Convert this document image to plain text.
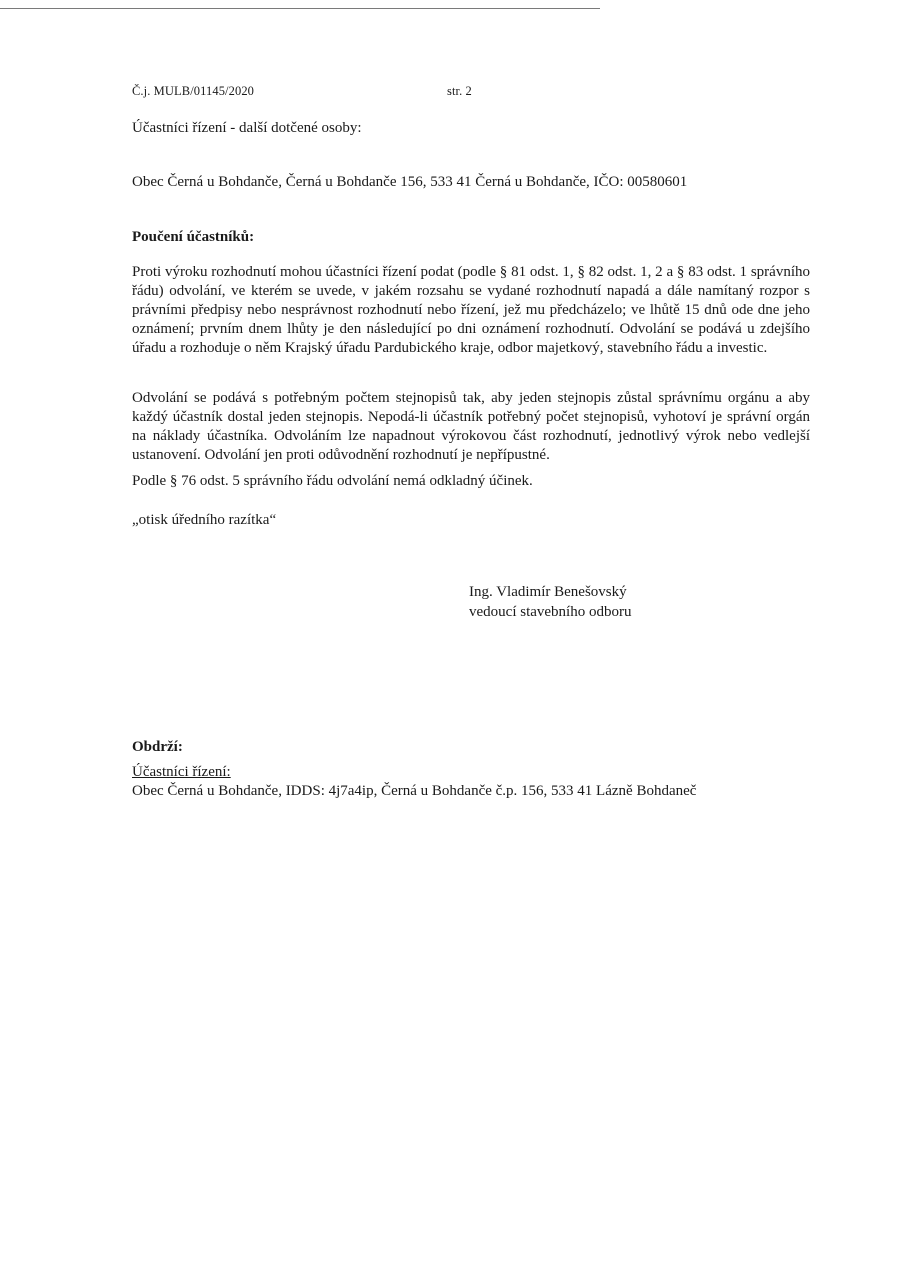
Č.j. MULB/01145/2020	str. 2
Účastníci řízení - další dotčené osoby:
Obec Černá u Bohdanče, Černá u Bohdanče 156, 533 41 Černá u Bohdanče, IČO: 00580601
Poučení účastníků:
Proti výroku rozhodnutí mohou účastníci řízení podat (podle § 81 odst. 1, § 82 odst. 1, 2 a § 83 odst. 1 správního řádu) odvolání, ve kterém se uvede, v jakém rozsahu se vydané rozhodnutí napadá a dále namítaný rozpor s právními předpisy nebo nesprávnost rozhodnutí nebo řízení, jež mu předcházelo; ve lhůtě 15 dnů ode dne jeho oznámení; prvním dnem lhůty je den následující po dni oznámení rozhodnutí. Odvolání se podává u zdejšího úřadu a rozhoduje o něm Krajský úřadu Pardubického kraje, odbor majetkový, stavebního řádu a investic.
Odvolání se podává s potřebným počtem stejnopisů tak, aby jeden stejnopis zůstal správnímu orgánu a aby každý účastník dostal jeden stejnopis. Nepodá-li účastník potřebný počet stejnopisů, vyhotoví je správní orgán na náklady účastníka. Odvoláním lze napadnout výrokovou část rozhodnutí, jednotlivý výrok nebo vedlejší ustanovení. Odvolání jen proti odůvodnění rozhodnutí je nepřípustné.
Podle § 76 odst. 5 správního řádu odvolání nemá odkladný účinek.
„otisk úředního razítka“
Ing. Vladimír Benešovský
vedoucí stavebního odboru
Obdrží:
Účastníci řízení:
Obec Černá u Bohdanče, IDDS: 4j7a4ip, Černá u Bohdanče č.p. 156, 533 41 Lázně Bohdaneč
